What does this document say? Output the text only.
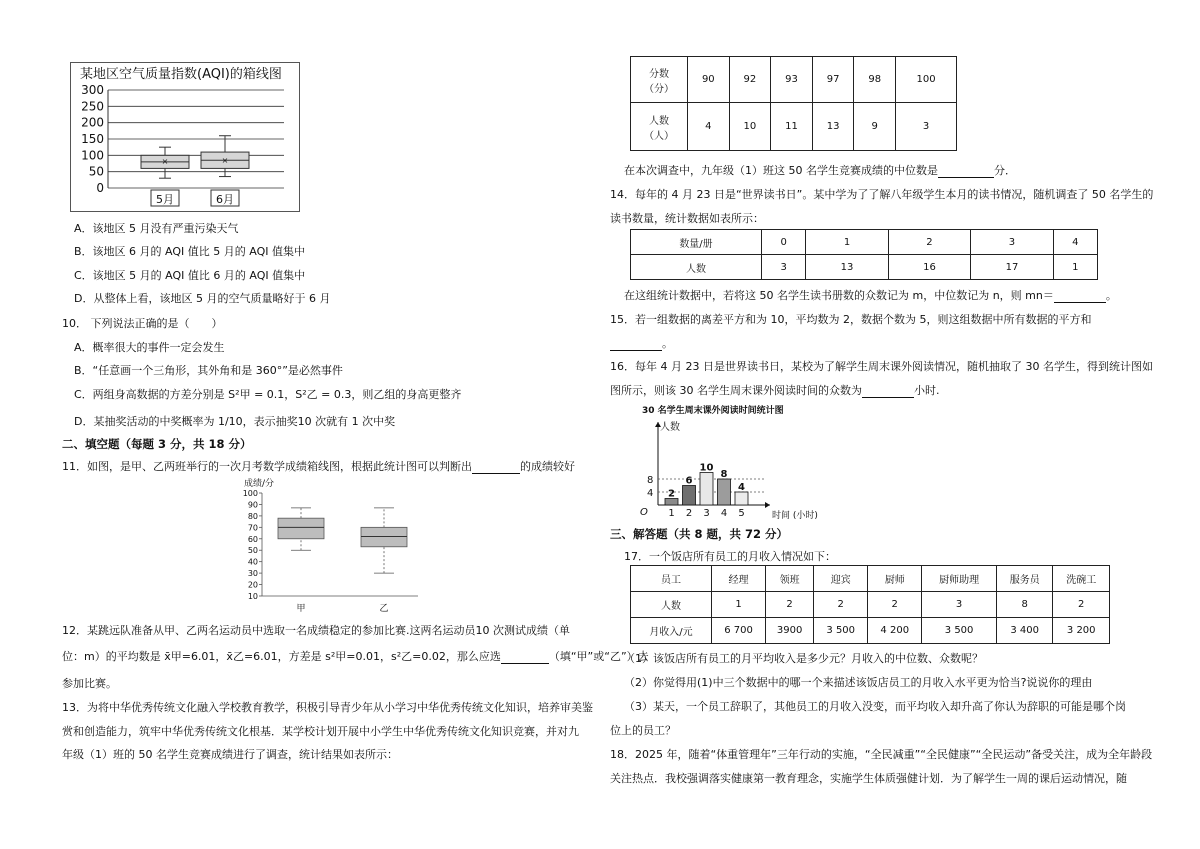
某地区空气质量指数(AQI)的箱线图
300
250
200
150
100
50
0
×
5月
×
6月
A．该地区 5 月没有严重污染天气
B．该地区 6 月的 AQI 值比 5 月的 AQI 值集中
C．该地区 5 月的 AQI 值比 6 月的 AQI 值集中
D．从整体上看，该地区 5 月的空气质量略好于 6 月
10． 下列说法正确的是（　　）
A．概率很大的事件一定会发生
B．“任意画一个三角形，其外角和是 360°”是必然事件
C．两组身高数据的方差分别是 S²甲 = 0.1，S²乙 = 0.3，则乙组的身高更整齐
D．某抽奖活动的中奖概率为 1/10，表示抽奖10 次就有 1 次中奖
二、填空题（每题 3 分，共 18 分）
11．如图，是甲、乙两班举行的一次月考数学成绩箱线图，根据此统计图可以判断出	的成绩较好
成绩/分
100
90
80
70
60
50
40
30
20
10
甲	乙
12．某跳远队准备从甲、乙两名运动员中选取一名成绩稳定的参加比赛.这两名运动员10 次测试成绩（单
位：m）的平均数是 x̄甲=6.01，x̄乙=6.01，方差是 s²甲=0.01，s²乙=0.02，那么应选	（填“甲”或“乙”）去
参加比赛。
13．为将中华优秀传统文化融入学校教育教学，积极引导青少年从小学习中华优秀传统文化知识，培养审美鉴
赏和创造能力，筑牢中华优秀传统文化根基．某学校计划开展中小学生中华优秀传统文化知识竞赛，并对九
年级（1）班的 50 名学生竞赛成绩进行了调查，统计结果如表所示：
分数
（分）	90	92	93	97	98	100
人数
（人）	4	10	11	13	9	3
在本次调查中，九年级（1）班这 50 名学生竞赛成绩的中位数是	分．
14．每年的 4 月 23 日是“世界读书日”。某中学为了了解八年级学生本月的读书情况，随机调查了 50 名学生的
读书数量，统计数据如表所示：
数量/册	0	1	2	3	4
人数	3	13	16	17	1
在这组统计数据中，若将这 50 名学生读书册数的众数记为 m，中位数记为 n，则 mn＝	。
15．若一组数据的离差平方和为 10，平均数为 2，数据个数为 5，则这组数据中所有数据的平方和
。
16．每年 4 月 23 日是世界读书日，某校为了解学生周末课外阅读情况，随机抽取了 30 名学生，得到统计图如
图所示，则该 30 名学生周末课外阅读时间的众数为	小时.
30 名学生周末课外阅读时间统计图
人数
时间 (小时)
O
4
8
2
1
6
2
10
3
8
4
4
5
三、解答题（共 8 题，共 72 分）
17．一个饭店所有员工的月收入情况如下：
员工	经理	领班	迎宾	厨师	厨师助理	服务员	洗碗工
人数	1	2	2	2	3	8	2
月收入/元	6 700	3900	3 500	4 200	3 500	3 400	3 200
（1）该饭店所有员工的月平均收入是多少元？月收入的中位数、众数呢？
（2）你觉得用(1)中三个数据中的哪一个来描述该饭店员工的月收入水平更为恰当?说说你的理由
（3）某天，一个员工辞职了，其他员工的月收入没变，而平均收入却升高了你认为辞职的可能是哪个岗
位上的员工？
18．2025 年，随着“体重管理年”三年行动的实施，“全民减重”“全民健康”“全民运动”备受关注，成为全年龄段
关注热点．我校强调落实健康第一教育理念，实施学生体质强健计划．为了解学生一周的课后运动情况，随
